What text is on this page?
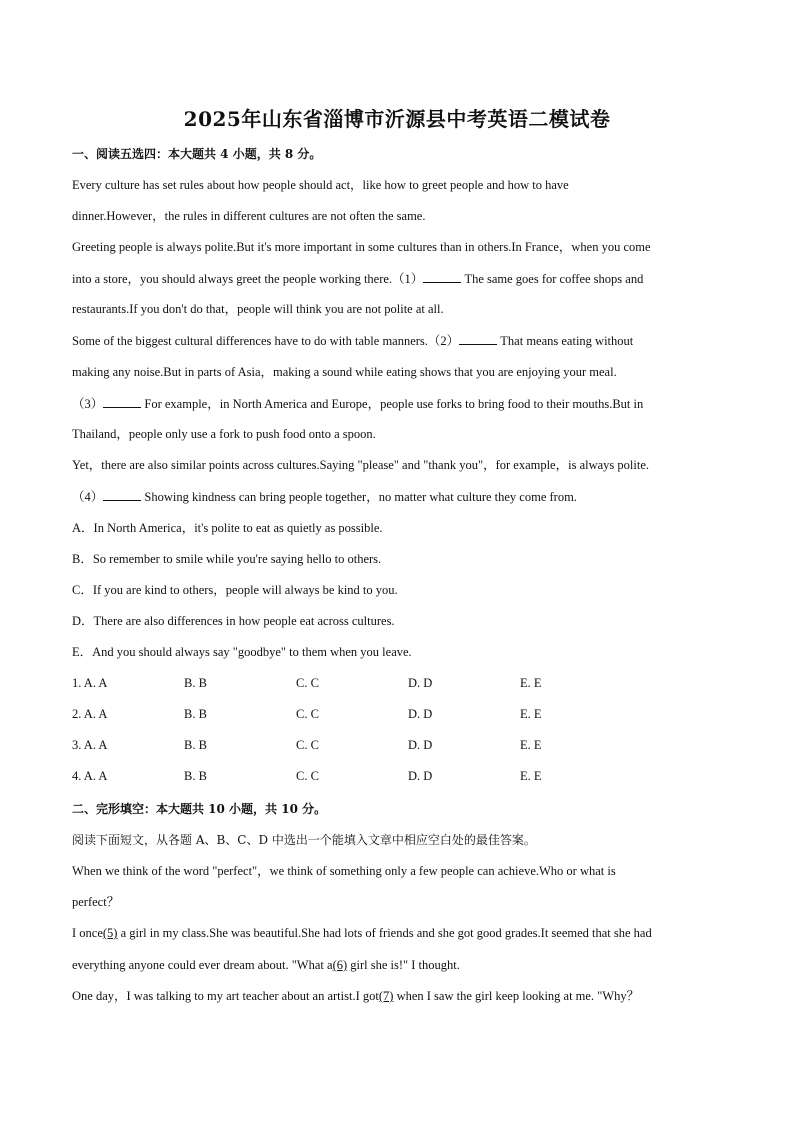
2025年山东省淄博市沂源县中考英语二模试卷
一、阅读五选四：本大题共 4 小题，共 8 分。
Every culture has set rules about how people should act，like how to greet people and how to have
dinner.However，the rules in different cultures are not often the same.
Greeting people is always polite.But it's more important in some cultures than in others.In France，when you come
into a store，you should always greet the people working there.（1）	The same goes for coffee shops and
restaurants.If you don't do that，people will think you are not polite at all.
Some of the biggest cultural differences have to do with table manners.（2）	That means eating without
making any noise.But in parts of Asia，making a sound while eating shows that you are enjoying your meal.
（3）	For example，in North America and Europe，people use forks to bring food to their mouths.But in
Thailand，people only use a fork to push food onto a spoon.
Yet，there are also similar points across cultures.Saying "please" and "thank you"，for example，is always polite.
（4）	Showing kindness can bring people together，no matter what culture they come from.
A．In North America，it's polite to eat as quietly as possible.
B．So remember to smile while you're saying hello to others.
C．If you are kind to others，people will always be kind to you.
D．There are also differences in how people eat across cultures.
E．And you should always say "goodbye" to them when you leave.
1. A. A	B. B	C. C	D. D	E. E
2. A. A	B. B	C. C	D. D	E. E
3. A. A	B. B	C. C	D. D	E. E
4. A. A	B. B	C. C	D. D	E. E
二、完形填空：本大题共 10 小题，共 10 分。
阅读下面短文，从各题 A、B、C、D 中选出一个能填入文章中相应空白处的最佳答案。
When we think of the word "perfect"，we think of something only a few people can achieve.Who or what is
perfect？
I once(5) a girl in my class.She was beautiful.She had lots of friends and she got good grades.It seemed that she had
everything anyone could ever dream about. "What a(6) girl she is!" I thought.
One day，I was talking to my art teacher about an artist.I got(7) when I saw the girl keep looking at me. "Why？
